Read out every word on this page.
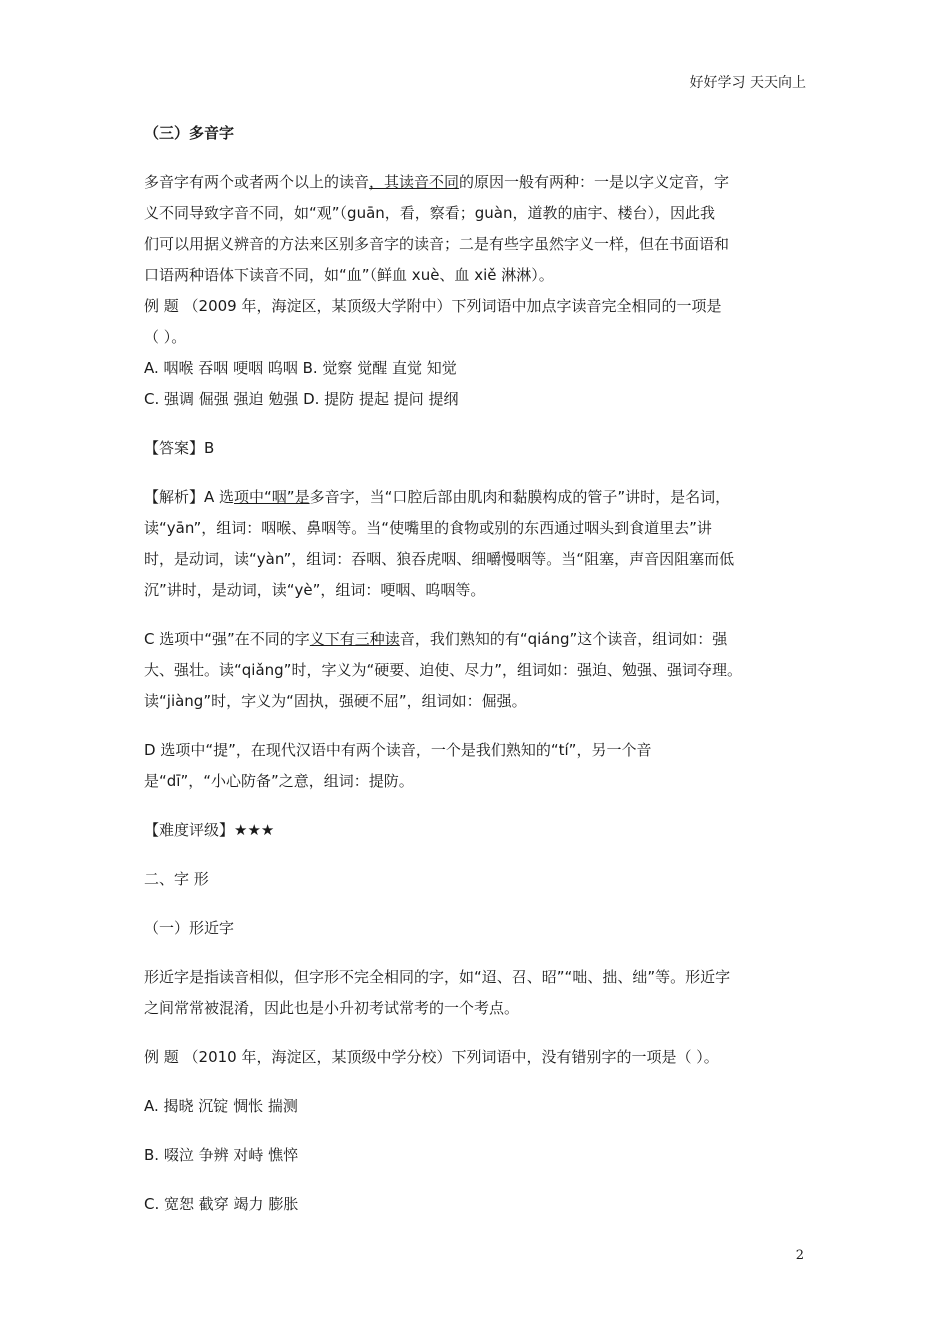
好好学习 天天向上
（三）多音字
多音字有两个或者两个以上的读音，其读音不同的原因一般有两种：一是以字义定音，字
义不同导致字音不同，如“观”（guān，看，察看；guàn，道教的庙宇、楼台），因此我
们可以用据义辨音的方法来区别多音字的读音；二是有些字虽然字义一样，但在书面语和
口语两种语体下读音不同，如“血”（鲜血 xuè、血 xiě 淋淋）。
例 题 （2009 年，海淀区，某顶级大学附中）下列词语中加点字读音完全相同的一项是
（ ）。
A. 咽喉 吞咽 哽咽 呜咽 B. 觉察 觉醒 直觉 知觉
C. 强调 倔强 强迫 勉强 D. 提防 提起 提问 提纲
【答案】B
【解析】A 选项中“咽”是多音字，当“口腔后部由肌肉和黏膜构成的管子”讲时，是名词，
读“yān”，组词：咽喉、鼻咽等。当“使嘴里的食物或别的东西通过咽头到食道里去”讲
时，是动词，读“yàn”，组词：吞咽、狼吞虎咽、细嚼慢咽等。当“阻塞，声音因阻塞而低
沉”讲时，是动词，读“yè”，组词：哽咽、呜咽等。
C 选项中“强”在不同的字义下有三种读音，我们熟知的有“qiáng”这个读音，组词如：强
大、强壮。读“qiǎng”时，字义为“硬要、迫使、尽力”，组词如：强迫、勉强、强词夺理。
读“jiàng”时，字义为“固执，强硬不屈”，组词如：倔强。
D 选项中“提”，在现代汉语中有两个读音，一个是我们熟知的“tí”，另一个音
是“dī”，“小心防备”之意，组词：提防。
【难度评级】★★★
二、字 形
（一）形近字
形近字是指读音相似，但字形不完全相同的字，如“迢、召、昭”“咄、拙、绌”等。形近字
之间常常被混淆，因此也是小升初考试常考的一个考点。
例 题 （2010 年，海淀区，某顶级中学分校）下列词语中，没有错别字的一项是（ ）。
A. 揭晓 沉锭 惆怅 揣测
B. 啜泣 争辨 对峙 憔悴
C. 宽恕 截穿 竭力 膨胀
2
